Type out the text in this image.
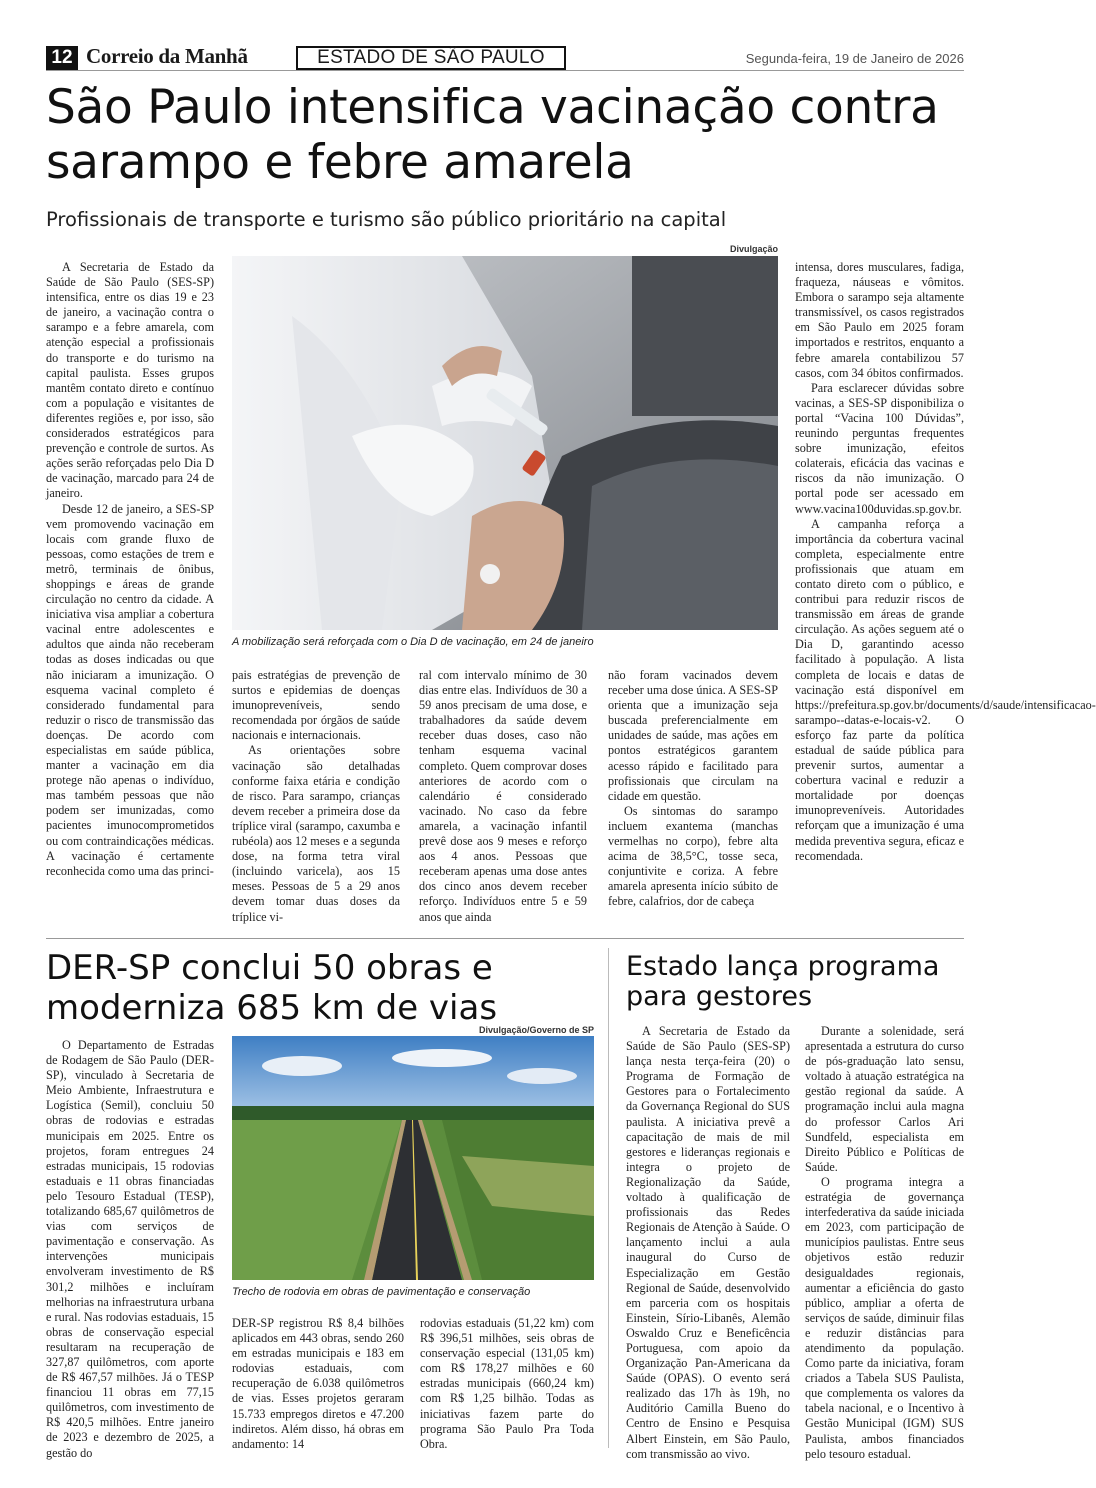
12 Correio da Manhã	ESTADO DE SÃO PAULO	Segunda-feira, 19 de Janeiro de 2026
São Paulo intensifica vacinação contra sarampo e febre amarela
Profissionais de transporte e turismo são público prioritário na capital

A Secretaria de Estado da Saúde de São Paulo (SES-SP) intensifica, entre os dias 19 e 23 de janeiro, a vacinação contra o sarampo e a febre amarela, com atenção especial a profissionais do transporte e do turismo na capital paulista. Esses grupos mantêm contato direto e contínuo com a população e visitantes de diferentes regiões e, por isso, são considerados estratégicos para prevenção e controle de surtos. As ações serão reforçadas pelo Dia D de vacinação, marcado para 24 de janeiro.

Desde 12 de janeiro, a SES-SP vem promovendo vacinação em locais com grande fluxo de pessoas, como estações de trem e metrô, terminais de ônibus, shoppings e áreas de grande circulação no centro da cidade. A iniciativa visa ampliar a cobertura vacinal entre adolescentes e adultos que ainda não receberam todas as doses indicadas ou que não iniciaram a imunização. O esquema vacinal completo é considerado fundamental para reduzir o risco de transmissão das doenças. De acordo com especialistas em saúde pública, manter a vacinação em dia protege não apenas o indivíduo, mas também pessoas que não podem ser imunizadas, como pacientes imunocomprometidos ou com contraindicações médicas. A vacinação é certamente reconhecida como uma das princi-

Divulgação
A mobilização será reforçada com o Dia D de vacinação, em 24 de janeiro

pais estratégias de prevenção de surtos e epidemias de doenças imunopreveníveis, sendo recomendada por órgãos de saúde nacionais e internacionais.

As orientações sobre vacinação são detalhadas conforme faixa etária e condição de risco. Para sarampo, crianças devem receber a primeira dose da tríplice viral (sarampo, caxumba e rubéola) aos 12 meses e a segunda dose, na forma tetra viral (incluindo varicela), aos 15 meses. Pessoas de 5 a 29 anos devem tomar duas doses da tríplice vi-

ral com intervalo mínimo de 30 dias entre elas. Indivíduos de 30 a 59 anos precisam de uma dose, e trabalhadores da saúde devem receber duas doses, caso não tenham esquema vacinal completo. Quem comprovar doses anteriores de acordo com o calendário é considerado vacinado. No caso da febre amarela, a vacinação infantil prevê dose aos 9 meses e reforço aos 4 anos. Pessoas que receberam apenas uma dose antes dos cinco anos devem receber reforço. Indivíduos entre 5 e 59 anos que ainda

não foram vacinados devem receber uma dose única. A SES-SP orienta que a imunização seja buscada preferencialmente em unidades de saúde, mas ações em pontos estratégicos garantem acesso rápido e facilitado para profissionais que circulam na cidade em questão.

Os sintomas do sarampo incluem exantema (manchas vermelhas no corpo), febre alta acima de 38,5°C, tosse seca, conjuntivite e coriza. A febre amarela apresenta início súbito de febre, calafrios, dor de cabeça

intensa, dores musculares, fadiga, fraqueza, náuseas e vômitos. Embora o sarampo seja altamente transmissível, os casos registrados em São Paulo em 2025 foram importados e restritos, enquanto a febre amarela contabilizou 57 casos, com 34 óbitos confirmados.

Para esclarecer dúvidas sobre vacinas, a SES-SP disponibiliza o portal “Vacina 100 Dúvidas”, reunindo perguntas frequentes sobre imunização, efeitos colaterais, eficácia das vacinas e riscos da não imunização. O portal pode ser acessado em www.vacina100duvidas.sp.gov.br.

A campanha reforça a importância da cobertura vacinal completa, especialmente entre profissionais que atuam em contato direto com o público, e contribui para reduzir riscos de transmissão em áreas de grande circulação. As ações seguem até o Dia D, garantindo acesso facilitado à população. A lista completa de locais e datas de vacinação está disponível em https://prefeitura.sp.gov.br/documents/d/saude/intensificacao-sarampo--datas-e-locais-v2. O esforço faz parte da política estadual de saúde pública para prevenir surtos, aumentar a cobertura vacinal e reduzir a mortalidade por doenças imunopreveníveis. Autoridades reforçam que a imunização é uma medida preventiva segura, eficaz e recomendada.

DER-SP conclui 50 obras e moderniza 685 km de vias
Divulgação/Governo de SP

O Departamento de Estradas de Rodagem de São Paulo (DER-SP), vinculado à Secretaria de Meio Ambiente, Infraestrutura e Logística (Semil), concluiu 50 obras de rodovias e estradas municipais em 2025. Entre os projetos, foram entregues 24 estradas municipais, 15 rodovias estaduais e 11 obras financiadas pelo Tesouro Estadual (TESP), totalizando 685,67 quilômetros de vias com serviços de pavimentação e conservação. As intervenções municipais envolveram investimento de R$ 301,2 milhões e incluíram melhorias na infraestrutura urbana e rural. Nas rodovias estaduais, 15 obras de conservação especial resultaram na recuperação de 327,87 quilômetros, com aporte de R$ 467,57 milhões. Já o TESP financiou 11 obras em 77,15 quilômetros, com investimento de R$ 420,5 milhões. Entre janeiro de 2023 e dezembro de 2025, a gestão do

Trecho de rodovia em obras de pavimentação e conservação

DER-SP registrou R$ 8,4 bilhões aplicados em 443 obras, sendo 260 em estradas municipais e 183 em rodovias estaduais, com recuperação de 6.038 quilômetros de vias. Esses projetos geraram 15.733 empregos diretos e 47.200 indiretos. Além disso, há obras em andamento: 14

rodovias estaduais (51,22 km) com R$ 396,51 milhões, seis obras de conservação especial (131,05 km) com R$ 178,27 milhões e 60 estradas municipais (660,24 km) com R$ 1,25 bilhão. Todas as iniciativas fazem parte do programa São Paulo Pra Toda Obra.

Estado lança programa para gestores

A Secretaria de Estado da Saúde de São Paulo (SES-SP) lança nesta terça-feira (20) o Programa de Formação de Gestores para o Fortalecimento da Governança Regional do SUS paulista. A iniciativa prevê a capacitação de mais de mil gestores e lideranças regionais e integra o projeto de Regionalização da Saúde, voltado à qualificação de profissionais das Redes Regionais de Atenção à Saúde. O lançamento inclui a aula inaugural do Curso de Especialização em Gestão Regional de Saúde, desenvolvido em parceria com os hospitais Einstein, Sírio-Libanês, Alemão Oswaldo Cruz e Beneficência Portuguesa, com apoio da Organização Pan-Americana da Saúde (OPAS). O evento será realizado das 17h às 19h, no Auditório Camilla Bueno do Centro de Ensino e Pesquisa Albert Einstein, em São Paulo, com transmissão ao vivo.

Durante a solenidade, será apresentada a estrutura do curso de pós-graduação lato sensu, voltado à atuação estratégica na gestão regional da saúde. A programação inclui aula magna do professor Carlos Ari Sundfeld, especialista em Direito Público e Políticas de Saúde.

O programa integra a estratégia de governança interfederativa da saúde iniciada em 2023, com participação de municípios paulistas. Entre seus objetivos estão reduzir desigualdades regionais, aumentar a eficiência do gasto público, ampliar a oferta de serviços de saúde, diminuir filas e reduzir distâncias para atendimento da população. Como parte da iniciativa, foram criados a Tabela SUS Paulista, que complementa os valores da tabela nacional, e o Incentivo à Gestão Municipal (IGM) SUS Paulista, ambos financiados pelo tesouro estadual.
